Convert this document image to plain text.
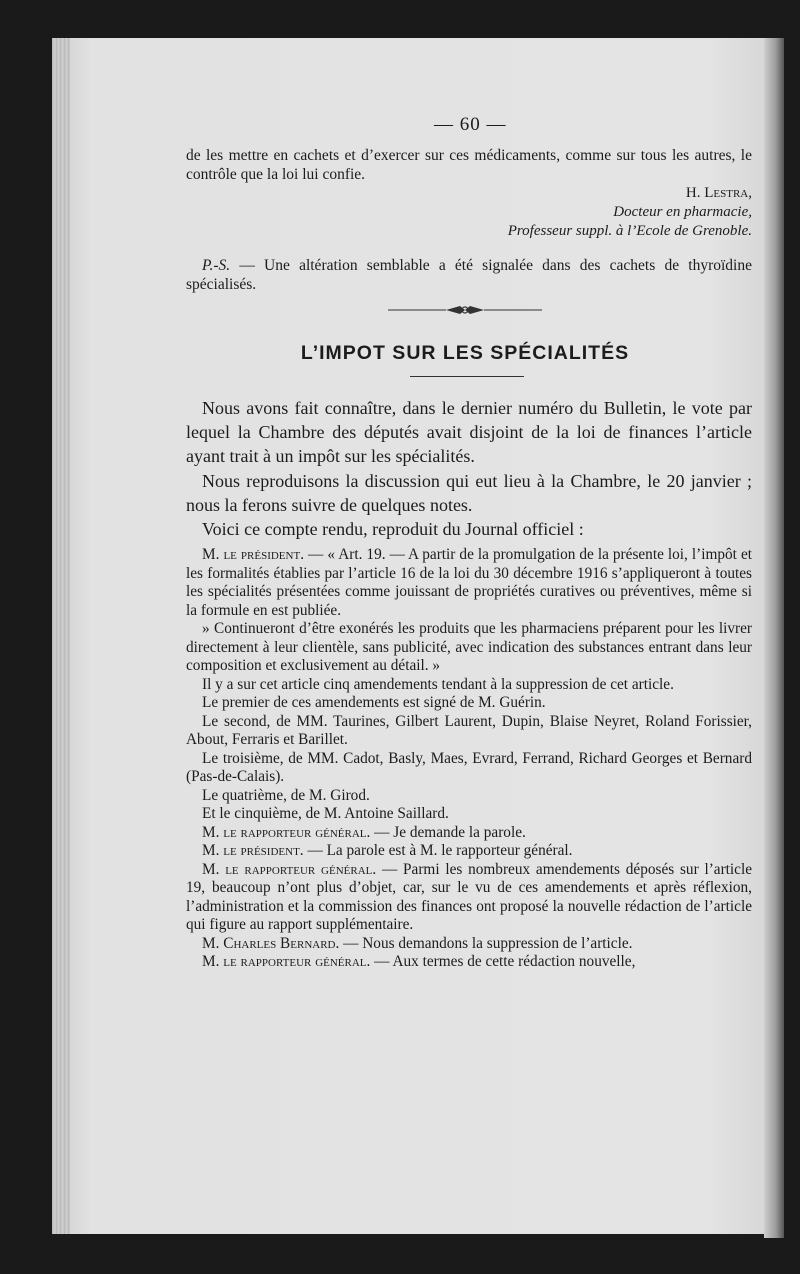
— 60 —

de les mettre en cachets et d’exercer sur ces médicaments, comme sur tous les autres, le contrôle que la loi lui confie.

H. Lestra,

Docteur en pharmacie,

Professeur suppl. à l’Ecole de Grenoble.

P.-S. — Une altération semblable a été signalée dans des cachets de thyroïdine spécialisés.

L’IMPOT SUR LES SPÉCIALITÉS

Nous avons fait connaître, dans le dernier numéro du Bulletin, le vote par lequel la Chambre des députés avait disjoint de la loi de finances l’article ayant trait à un impôt sur les spécialités.

Nous reproduisons la discussion qui eut lieu à la Chambre, le 20 janvier ; nous la ferons suivre de quelques notes.

Voici ce compte rendu, reproduit du Journal officiel :

M. le président. — « Art. 19. — A partir de la promulgation de la présente loi, l’impôt et les formalités établies par l’article 16 de la loi du 30 décembre 1916 s’appliqueront à toutes les spécialités présentées comme jouissant de propriétés curatives ou préventives, même si la formule en est publiée.

» Continueront d’être exonérés les produits que les pharmaciens préparent pour les livrer directement à leur clientèle, sans publicité, avec indication des substances entrant dans leur composition et exclusivement au détail. »

Il y a sur cet article cinq amendements tendant à la suppression de cet article.

Le premier de ces amendements est signé de M. Guérin.

Le second, de MM. Taurines, Gilbert Laurent, Dupin, Blaise Neyret, Roland Forissier, About, Ferraris et Barillet.

Le troisième, de MM. Cadot, Basly, Maes, Evrard, Ferrand, Richard Georges et Bernard (Pas-de-Calais).

Le quatrième, de M. Girod.

Et le cinquième, de M. Antoine Saillard.

M. le rapporteur général. — Je demande la parole.

M. le président. — La parole est à M. le rapporteur général.

M. le rapporteur général. — Parmi les nombreux amendements déposés sur l’article 19, beaucoup n’ont plus d’objet, car, sur le vu de ces amendements et après réflexion, l’administration et la commission des finances ont proposé la nouvelle rédaction de l’article qui figure au rapport supplémentaire.

M. Charles Bernard. — Nous demandons la suppression de l’article.

M. le rapporteur général. — Aux termes de cette rédaction nouvelle,
